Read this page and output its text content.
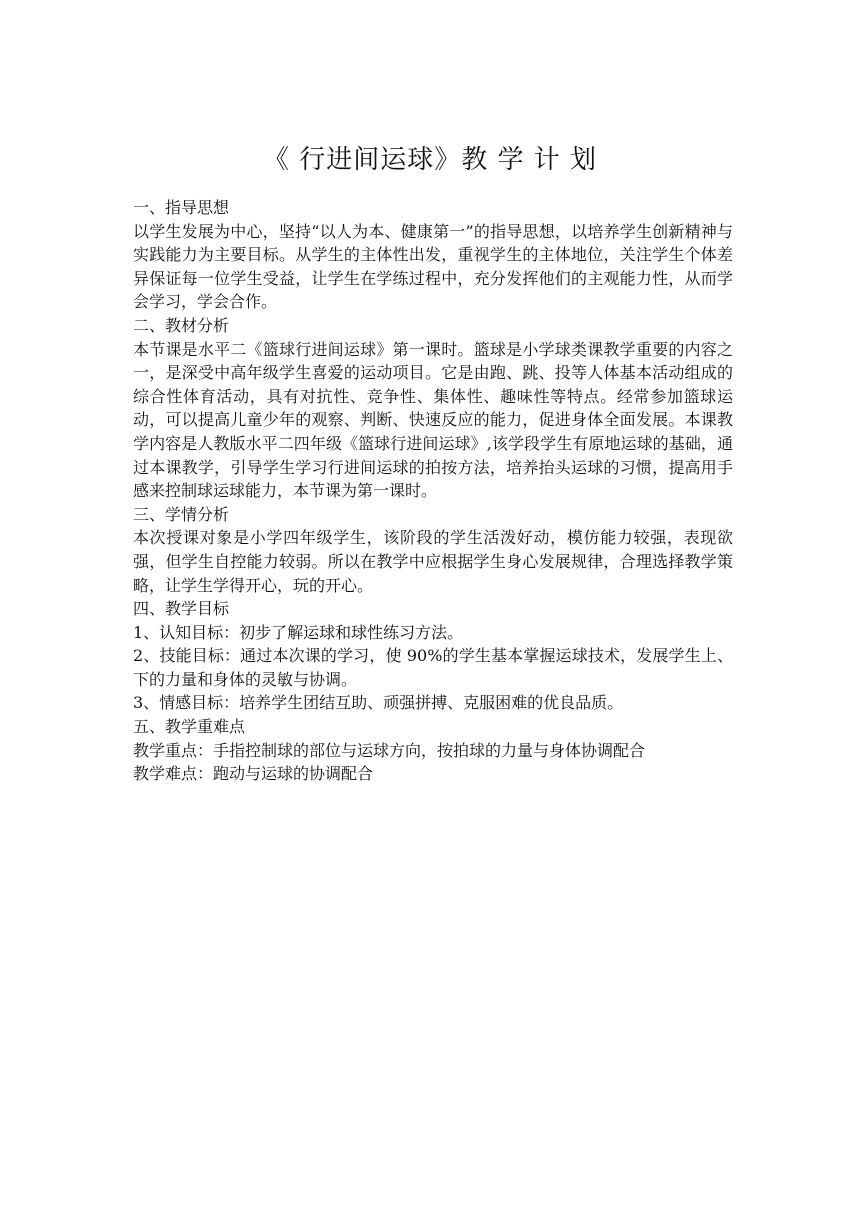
《 行进间运球》教 学 计 划

一、指导思想

以学生发展为中心，坚持“以人为本、健康第一”的指导思想，以培养学生创新精神与实践能力为主要目标。从学生的主体性出发，重视学生的主体地位，关注学生个体差异保证每一位学生受益，让学生在学练过程中，充分发挥他们的主观能力性，从而学会学习，学会合作。

二、教材分析

本节课是水平二《篮球行进间运球》第一课时。篮球是小学球类课教学重要的内容之一，是深受中高年级学生喜爱的运动项目。它是由跑、跳、投等人体基本活动组成的综合性体育活动，具有对抗性、竞争性、集体性、趣味性等特点。经常参加篮球运动，可以提高儿童少年的观察、判断、快速反应的能力，促进身体全面发展。本课教学内容是人教版水平二四年级《篮球行进间运球》,该学段学生有原地运球的基础，通过本课教学，引导学生学习行进间运球的拍按方法，培养抬头运球的习惯，提高用手感来控制球运球能力，本节课为第一课时。

三、学情分析

本次授课对象是小学四年级学生，该阶段的学生活泼好动，模仿能力较强，表现欲强，但学生自控能力较弱。所以在教学中应根据学生身心发展规律，合理选择教学策略，让学生学得开心，玩的开心。

四、教学目标

1、认知目标：初步了解运球和球性练习方法。

2、技能目标：通过本次课的学习，使 90%的学生基本掌握运球技术，发展学生上、下的力量和身体的灵敏与协调。

3、情感目标：培养学生团结互助、顽强拼搏、克服困难的优良品质。

五、教学重难点

教学重点：手指控制球的部位与运球方向，按拍球的力量与身体协调配合

教学难点：跑动与运球的协调配合
